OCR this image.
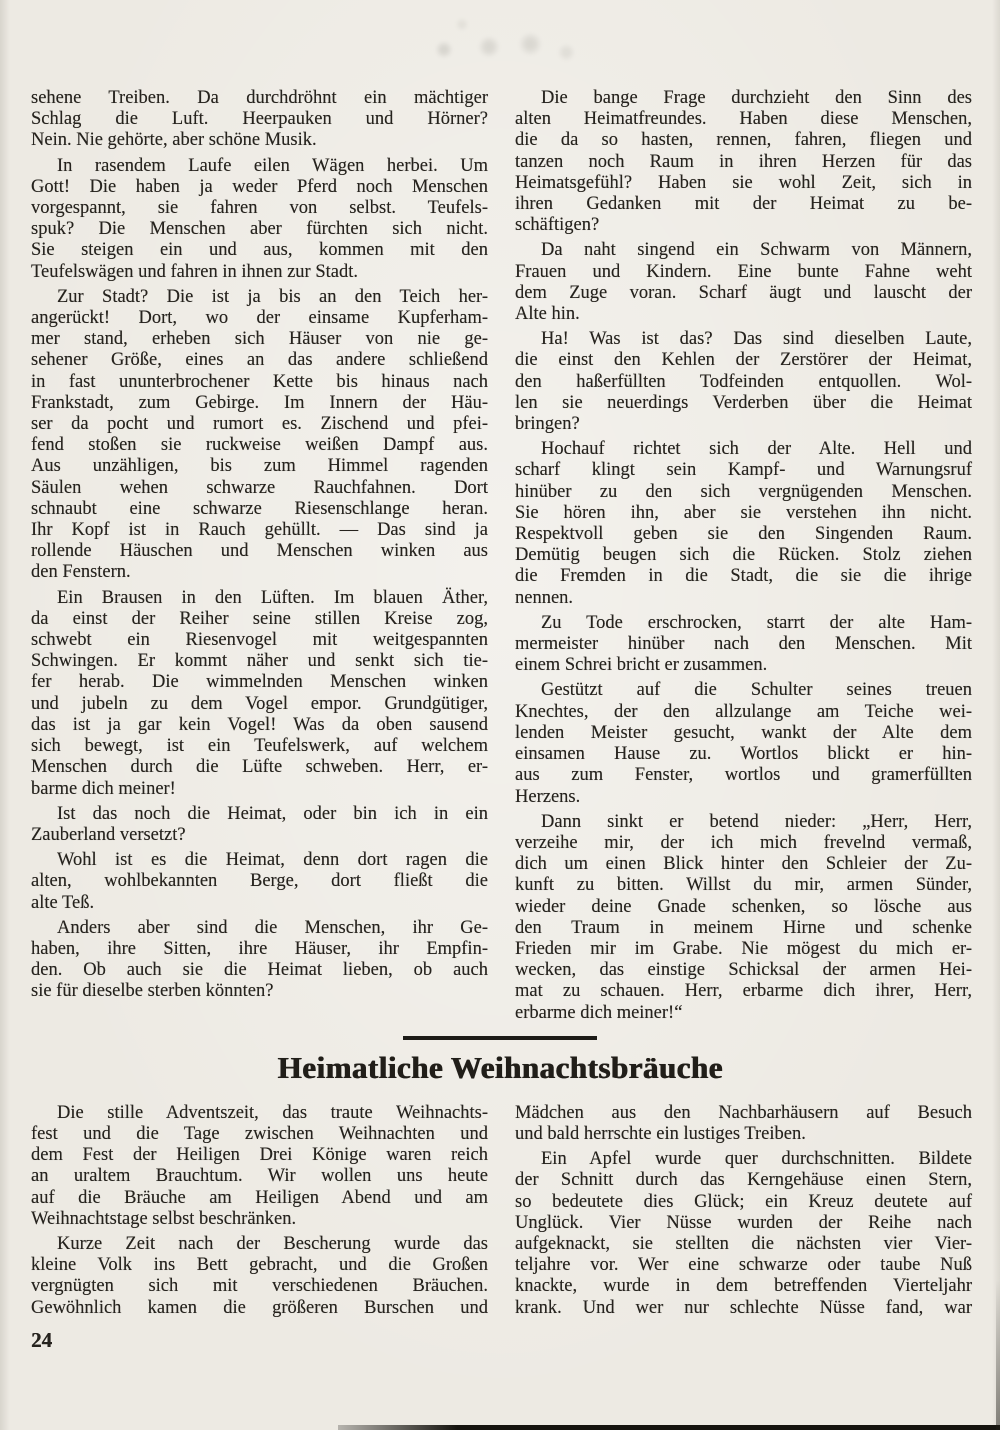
sehene Treiben. Da durchdröhnt ein mächtiger
Schlag die Luft. Heerpauken und Hörner?
Nein. Nie gehörte, aber schöne Musik.
In rasendem Laufe eilen Wägen herbei. Um
Gott! Die haben ja weder Pferd noch Menschen
vorgespannt, sie fahren von selbst. Teufels-
spuk? Die Menschen aber fürchten sich nicht.
Sie steigen ein und aus, kommen mit den
Teufelswägen und fahren in ihnen zur Stadt.
Zur Stadt? Die ist ja bis an den Teich her-
angerückt! Dort, wo der einsame Kupferham-
mer stand, erheben sich Häuser von nie ge-
sehener Größe, eines an das andere schließend
in fast ununterbrochener Kette bis hinaus nach
Frankstadt, zum Gebirge. Im Innern der Häu-
ser da pocht und rumort es. Zischend und pfei-
fend stoßen sie ruckweise weißen Dampf aus.
Aus unzähligen, bis zum Himmel ragenden
Säulen wehen schwarze Rauchfahnen. Dort
schnaubt eine schwarze Riesenschlange heran.
Ihr Kopf ist in Rauch gehüllt. — Das sind ja
rollende Häuschen und Menschen winken aus
den Fenstern.
Ein Brausen in den Lüften. Im blauen Äther,
da einst der Reiher seine stillen Kreise zog,
schwebt ein Riesenvogel mit weitgespannten
Schwingen. Er kommt näher und senkt sich tie-
fer herab. Die wimmelnden Menschen winken
und jubeln zu dem Vogel empor. Grundgütiger,
das ist ja gar kein Vogel! Was da oben sausend
sich bewegt, ist ein Teufelswerk, auf welchem
Menschen durch die Lüfte schweben. Herr, er-
barme dich meiner!
Ist das noch die Heimat, oder bin ich in ein
Zauberland versetzt?
Wohl ist es die Heimat, denn dort ragen die
alten, wohlbekannten Berge, dort fließt die
alte Teß.
Anders aber sind die Menschen, ihr Ge-
haben, ihre Sitten, ihre Häuser, ihr Empfin-
den. Ob auch sie die Heimat lieben, ob auch
sie für dieselbe sterben könnten?
Die bange Frage durchzieht den Sinn des
alten Heimatfreundes. Haben diese Menschen,
die da so hasten, rennen, fahren, fliegen und
tanzen noch Raum in ihren Herzen für das
Heimatsgefühl? Haben sie wohl Zeit, sich in
ihren Gedanken mit der Heimat zu be-
schäftigen?
Da naht singend ein Schwarm von Männern,
Frauen und Kindern. Eine bunte Fahne weht
dem Zuge voran. Scharf äugt und lauscht der
Alte hin.
Ha! Was ist das? Das sind dieselben Laute,
die einst den Kehlen der Zerstörer der Heimat,
den haßerfüllten Todfeinden entquollen. Wol-
len sie neuerdings Verderben über die Heimat
bringen?
Hochauf richtet sich der Alte. Hell und
scharf klingt sein Kampf- und Warnungsruf
hinüber zu den sich vergnügenden Menschen.
Sie hören ihn, aber sie verstehen ihn nicht.
Respektvoll geben sie den Singenden Raum.
Demütig beugen sich die Rücken. Stolz ziehen
die Fremden in die Stadt, die sie die ihrige
nennen.
Zu Tode erschrocken, starrt der alte Ham-
mermeister hinüber nach den Menschen. Mit
einem Schrei bricht er zusammen.
Gestützt auf die Schulter seines treuen
Knechtes, der den allzulange am Teiche wei-
lenden Meister gesucht, wankt der Alte dem
einsamen Hause zu. Wortlos blickt er hin-
aus zum Fenster, wortlos und gramerfüllten
Herzens.
Dann sinkt er betend nieder: „Herr, Herr,
verzeihe mir, der ich mich frevelnd vermaß,
dich um einen Blick hinter den Schleier der Zu-
kunft zu bitten. Willst du mir, armen Sünder,
wieder deine Gnade schenken, so lösche aus
den Traum in meinem Hirne und schenke
Frieden mir im Grabe. Nie mögest du mich er-
wecken, das einstige Schicksal der armen Hei-
mat zu schauen. Herr, erbarme dich ihrer, Herr,
erbarme dich meiner!“
Heimatliche Weihnachtsbräuche
Die stille Adventszeit, das traute Weihnachts-
fest und die Tage zwischen Weihnachten und
dem Fest der Heiligen Drei Könige waren reich
an uraltem Brauchtum. Wir wollen uns heute
auf die Bräuche am Heiligen Abend und am
Weihnachtstage selbst beschränken.
Kurze Zeit nach der Bescherung wurde das
kleine Volk ins Bett gebracht, und die Großen
vergnügten sich mit verschiedenen Bräuchen.
Gewöhnlich kamen die größeren Burschen und
Mädchen aus den Nachbarhäusern auf Besuch
und bald herrschte ein lustiges Treiben.
Ein Apfel wurde quer durchschnitten. Bildete
der Schnitt durch das Kerngehäuse einen Stern,
so bedeutete dies Glück; ein Kreuz deutete auf
Unglück. Vier Nüsse wurden der Reihe nach
aufgeknackt, sie stellten die nächsten vier Vier-
teljahre vor. Wer eine schwarze oder taube Nuß
knackte, wurde in dem betreffenden Vierteljahr
krank. Und wer nur schlechte Nüsse fand, war
24
